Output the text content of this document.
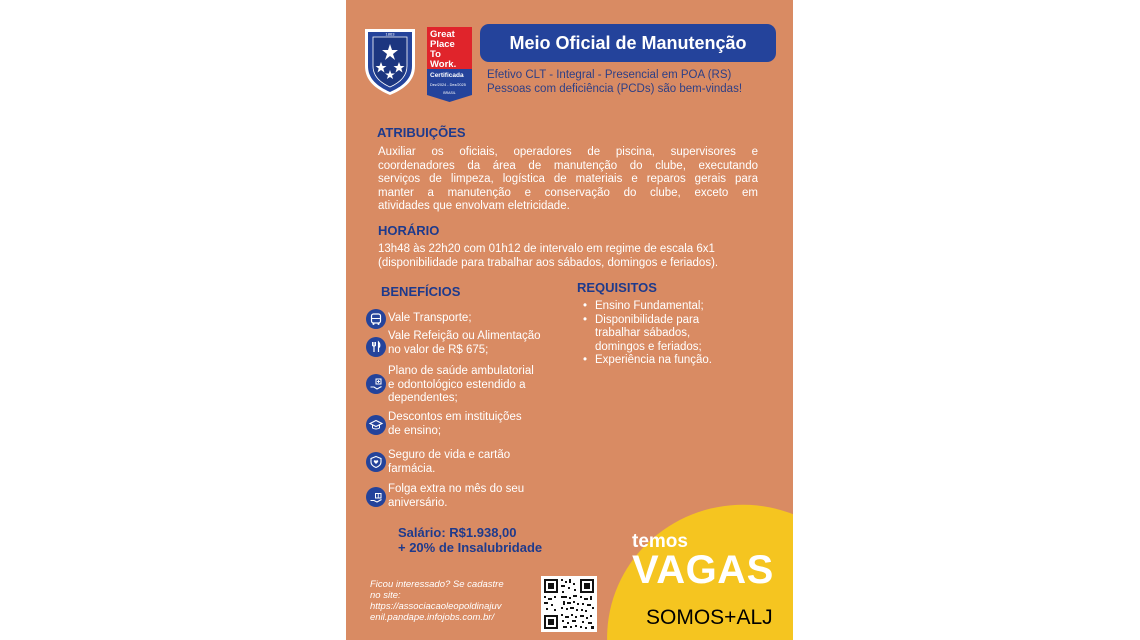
1863	Great
Place
To
Work.
Certificada
Dez/2024 - Dez/2025
BRASIL
Meio Oficial de Manutenção
Efetivo CLT - Integral - Presencial em POA (RS)
Pessoas com deficiência (PCDs) são bem-vindas!
ATRIBUIÇÕES
Auxiliar os oficiais, operadores de piscina, supervisores e
coordenadores da área de manutenção do clube, executando
serviços de limpeza, logística de materiais e reparos gerais para
manter a manutenção e conservação do clube, exceto em
atividades que envolvam eletricidade.
HORÁRIO
13h48 às 22h20 com 01h12 de intervalo em regime de escala 6x1
(disponibilidade para trabalhar aos sábados, domingos e feriados).
BENEFÍCIOS
Vale Transporte;
Vale Refeição ou Alimentação
no valor de R$ 675;
Plano de saúde ambulatorial
e odontológico estendido a
dependentes;
Descontos em instituições
de ensino;
Seguro de vida e cartão
farmácia.
Folga extra no mês do seu
aniversário.
REQUISITOS
• Ensino Fundamental;
• Disponibilidade para
trabalhar sábados,
domingos e feriados;
• Experiência na função.
Salário: R$1.938,00
+ 20% de Insalubridade
Ficou interessado? Se cadastre
no site:
https://associacaoleopoldinajuv
enil.pandape.infojobs.com.br/
temos
VAGAS
SOMOS+ALJ
